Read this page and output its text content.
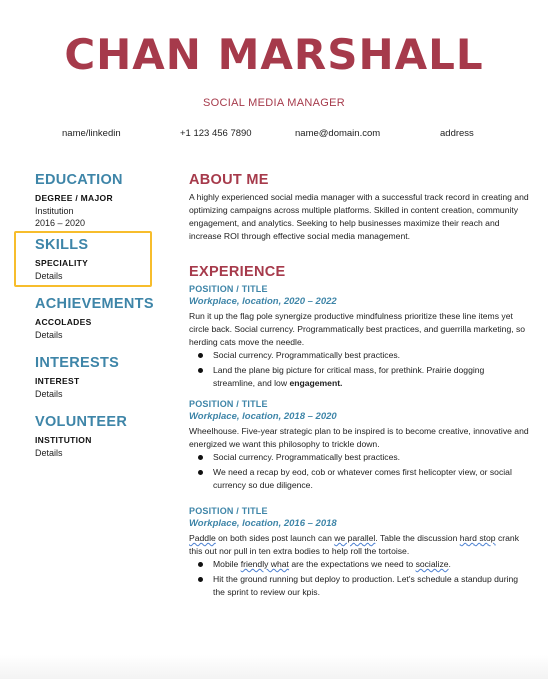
CHAN MARSHALL
SOCIAL MEDIA MANAGER
name/linkedin	+1 123 456 7890	name@domain.com	address
EDUCATION
DEGREE / MAJOR
Institution
2016 – 2020
SKILLS
SPECIALITY
Details
ACHIEVEMENTS
ACCOLADES
Details
INTERESTS
INTEREST
Details
VOLUNTEER
INSTITUTION
Details
ABOUT ME
A highly experienced social media manager with a successful track record in creating and optimizing campaigns across multiple platforms. Skilled in content creation, community engagement, and analytics. Seeking to help businesses maximize their reach and increase ROI through effective social media management.
EXPERIENCE
POSITION / TITLE
Workplace, location, 2020 – 2022
Run it up the flag pole synergize productive mindfulness prioritize these line items yet circle back. Social currency. Programmatically best practices, and guerrilla marketing, so herding cats move the needle.
Social currency. Programmatically best practices.
Land the plane big picture for critical mass, for prethink. Prairie dogging streamline, and low engagement.
POSITION / TITLE
Workplace, location, 2018 – 2020
Wheelhouse. Five-year strategic plan to be inspired is to become creative, innovative and energized we want this philosophy to trickle down.
Social currency. Programmatically best practices.
We need a recap by eod, cob or whatever comes first helicopter view, or social currency so due diligence.
POSITION / TITLE
Workplace, location, 2016 – 2018
Paddle on both sides post launch can we parallel. Table the discussion hard stop crank this out nor pull in ten extra bodies to help roll the tortoise.
Mobile friendly what are the expectations we need to socialize.
Hit the ground running but deploy to production. Let's schedule a standup during the sprint to review our kpis.
